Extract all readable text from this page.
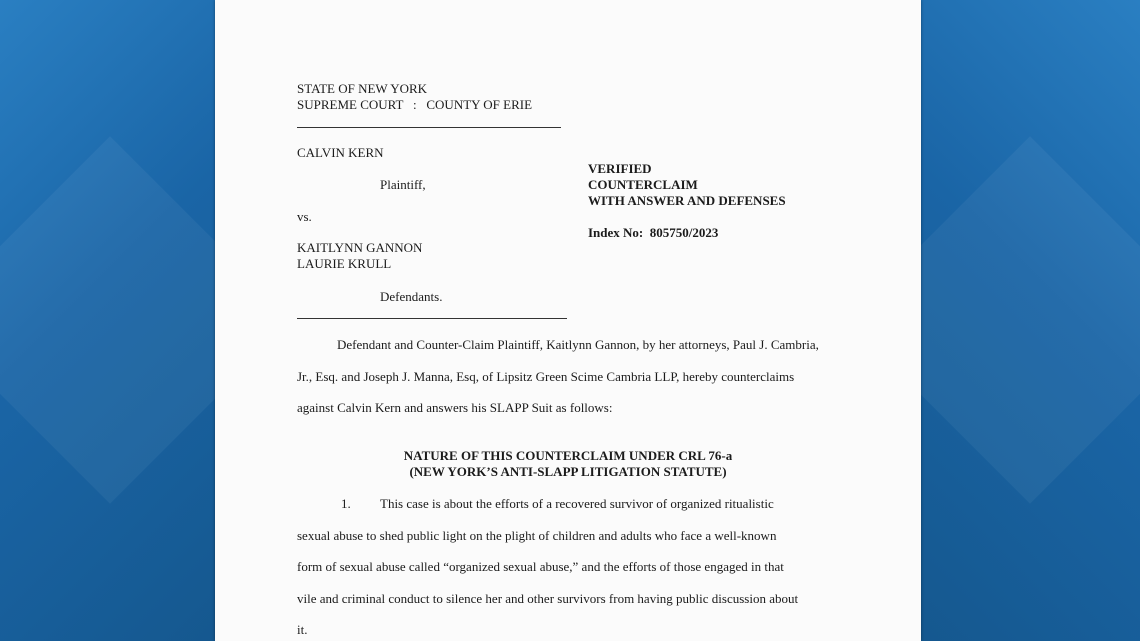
STATE OF NEW YORK

SUPREME COURT   :   COUNTY OF ERIE

CALVIN KERN

Plaintiff,

vs.

KAITLYNN GANNON

LAURIE KRULL

Defendants.

VERIFIED

COUNTERCLAIM

WITH ANSWER AND DEFENSES

Index No:  805750/2023

Defendant and Counter-Claim Plaintiff, Kaitlynn Gannon, by her attorneys, Paul J. Cambria,

Jr., Esq. and Joseph J. Manna, Esq, of Lipsitz Green Scime Cambria LLP, hereby counterclaims

against Calvin Kern and answers his SLAPP Suit as follows:

NATURE OF THIS COUNTERCLAIM UNDER CRL 76-a

(NEW YORK’S ANTI-SLAPP LITIGATION STATUTE)

1. This case is about the efforts of a recovered survivor of organized ritualistic

sexual abuse to shed public light on the plight of children and adults who face a well-known

form of sexual abuse called “organized sexual abuse,” and the efforts of those engaged in that

vile and criminal conduct to silence her and other survivors from having public discussion about

it.
